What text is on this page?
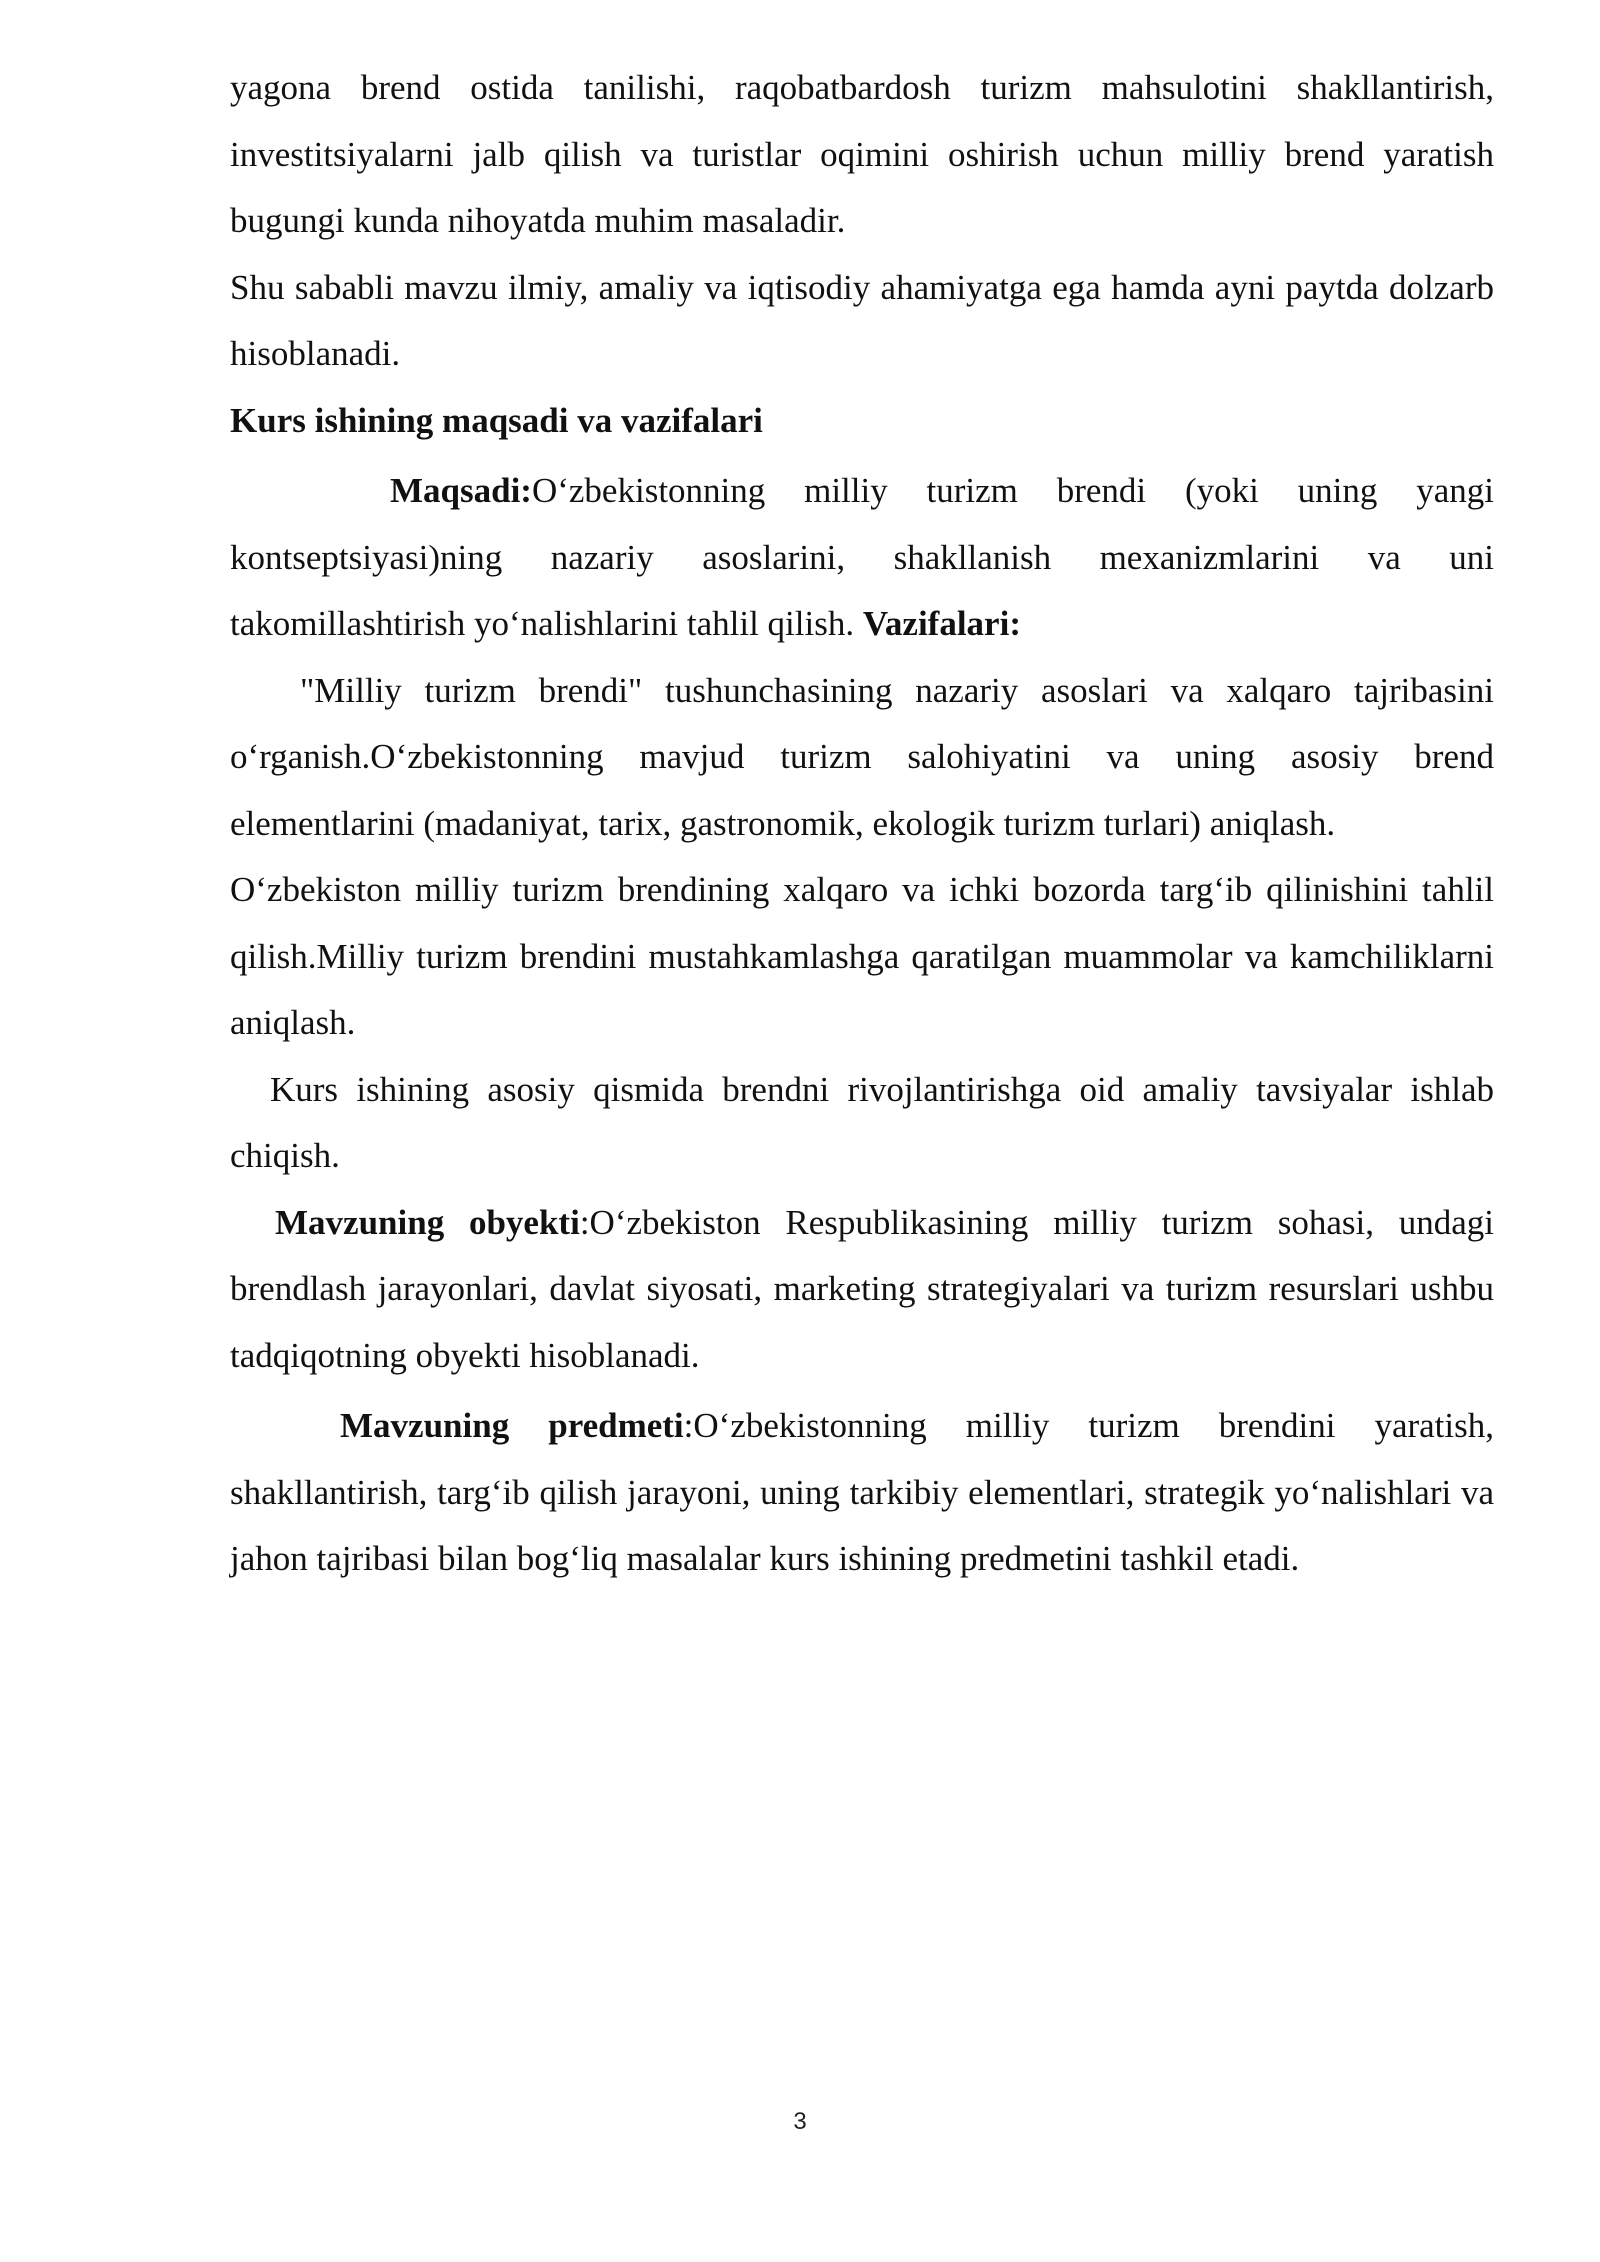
yagona brend ostida tanilishi, raqobatbardosh turizm mahsulotini shakllantirish, investitsiyalarni jalb qilish va turistlar oqimini oshirish uchun milliy brend yaratish bugungi kunda nihoyatda muhim masaladir.

Shu sababli mavzu ilmiy, amaliy va iqtisodiy ahamiyatga ega hamda ayni paytda dolzarb hisoblanadi.

Kurs ishining maqsadi va vazifalari

Maqsadi:O‘zbekistonning milliy turizm brendi (yoki uning yangi kontseptsiyasi)ning nazariy asoslarini, shakllanish mexanizmlarini va uni takomillashtirish yo‘nalishlarini tahlil qilish. Vazifalari:

"Milliy turizm brendi" tushunchasining nazariy asoslari va xalqaro tajribasini o‘rganish.O‘zbekistonning mavjud turizm salohiyatini va uning asosiy brend elementlarini (madaniyat, tarix, gastronomik, ekologik turizm turlari) aniqlash.

O‘zbekiston milliy turizm brendining xalqaro va ichki bozorda targ‘ib qilinishini tahlil qilish.Milliy turizm brendini mustahkamlashga qaratilgan muammolar va kamchiliklarni aniqlash.

Kurs ishining asosiy qismida brendni rivojlantirishga oid amaliy tavsiyalar ishlab chiqish.

Mavzuning obyekti:O‘zbekiston Respublikasining milliy turizm sohasi, undagi brendlash jarayonlari, davlat siyosati, marketing strategiyalari va turizm resurslari ushbu tadqiqotning obyekti hisoblanadi.

Mavzuning predmeti:O‘zbekistonning milliy turizm brendini yaratish, shakllantirish, targ‘ib qilish jarayoni, uning tarkibiy elementlari, strategik yo‘nalishlari va jahon tajribasi bilan bog‘liq masalalar kurs ishining predmetini tashkil etadi.

3
